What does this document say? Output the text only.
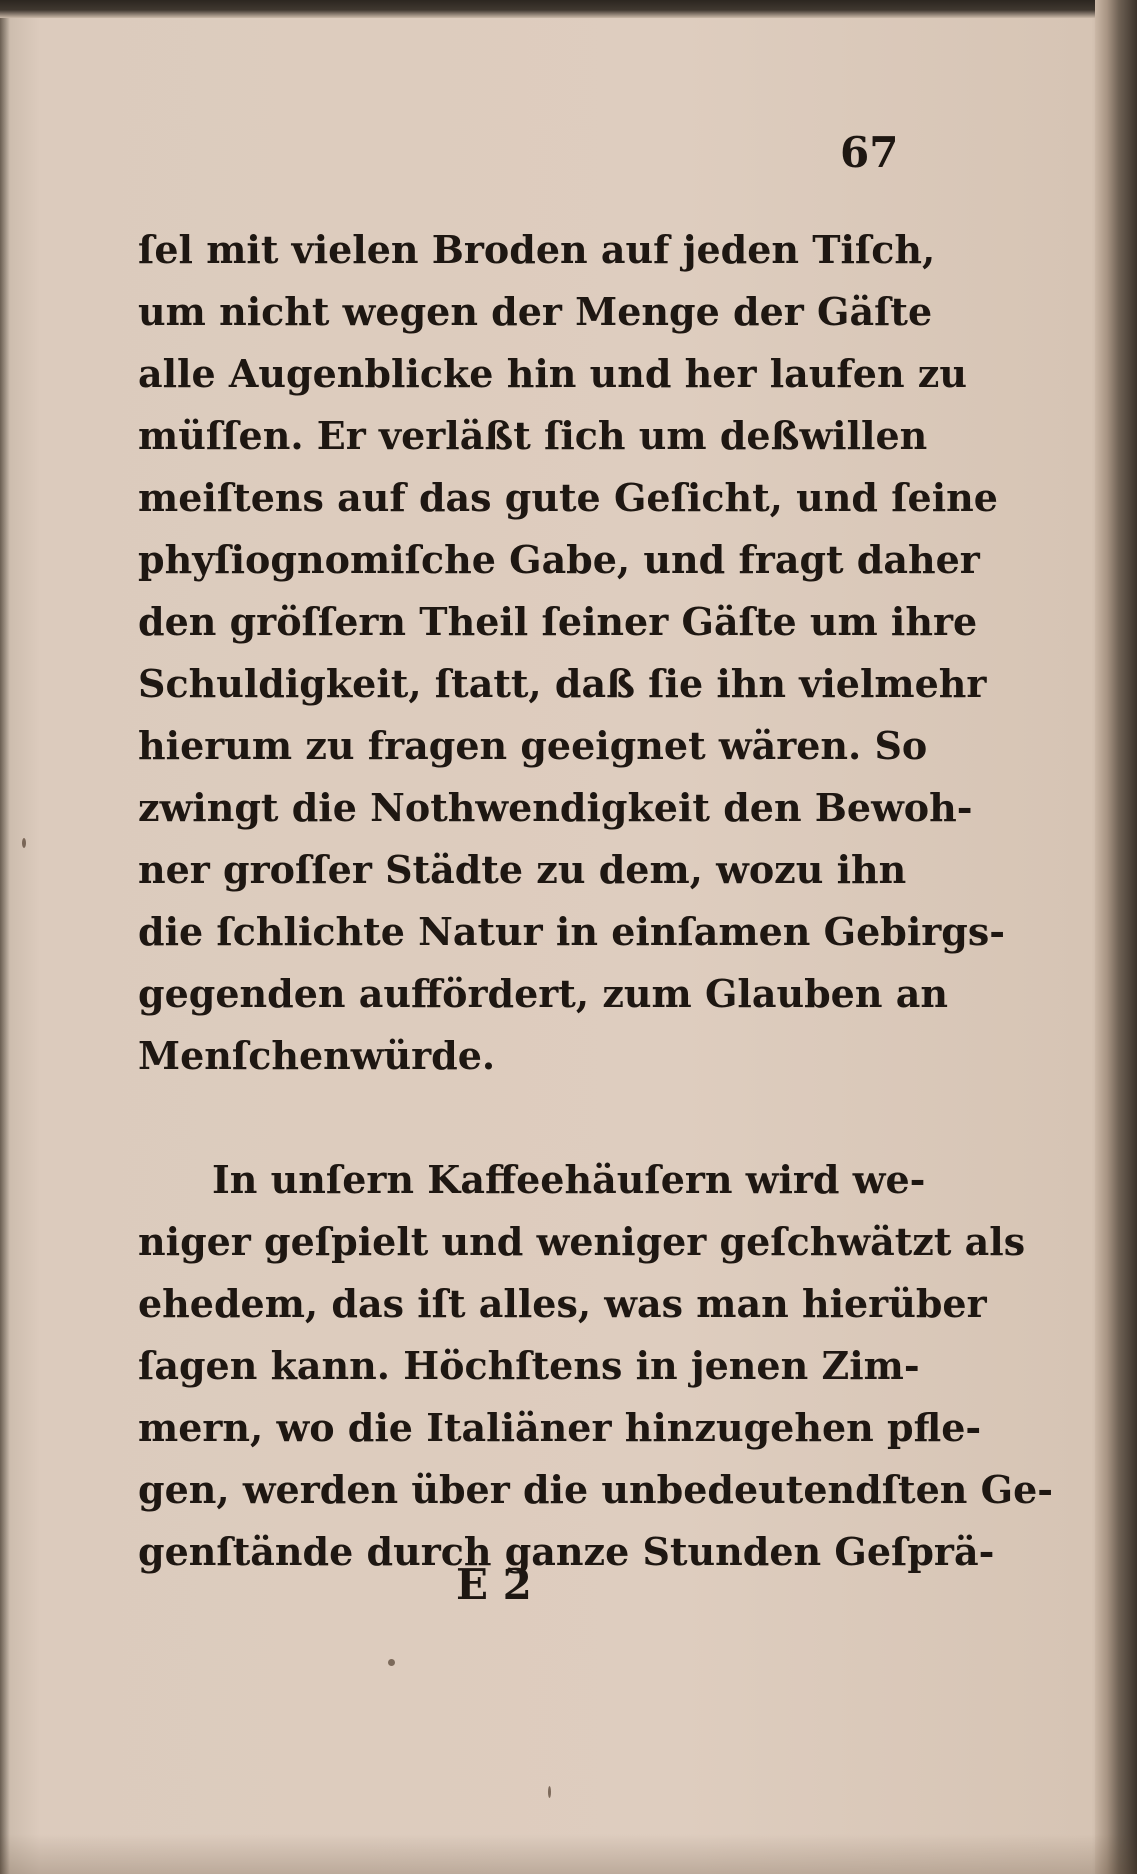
67
ſel mit vielen Broden auf jeden Tiſch,
um nicht wegen der Menge der Gäſte
alle Augenblicke hin und her laufen zu
müſſen. Er verläßt ſich um deßwillen
meiſtens auf das gute Geſicht, und ſeine
phyſiognomiſche Gabe, und fragt daher
den gröſſern Theil ſeiner Gäſte um ihre
Schuldigkeit, ſtatt, daß ſie ihn vielmehr
hierum zu fragen geeignet wären. So
zwingt die Nothwendigkeit den Bewoh-
ner groſſer Städte zu dem, wozu ihn
die ſchlichte Natur in einſamen Gebirgs-
gegenden auffördert, zum Glauben an
Menſchenwürde.
In unſern Kaffeehäuſern wird we-
niger geſpielt und weniger geſchwätzt als
ehedem, das iſt alles, was man hierüber
ſagen kann. Höchſtens in jenen Zim-
mern, wo die Italiäner hinzugehen pfle-
gen, werden über die unbedeutendſten Ge-
genſtände durch ganze Stunden Geſprä-
E 2
